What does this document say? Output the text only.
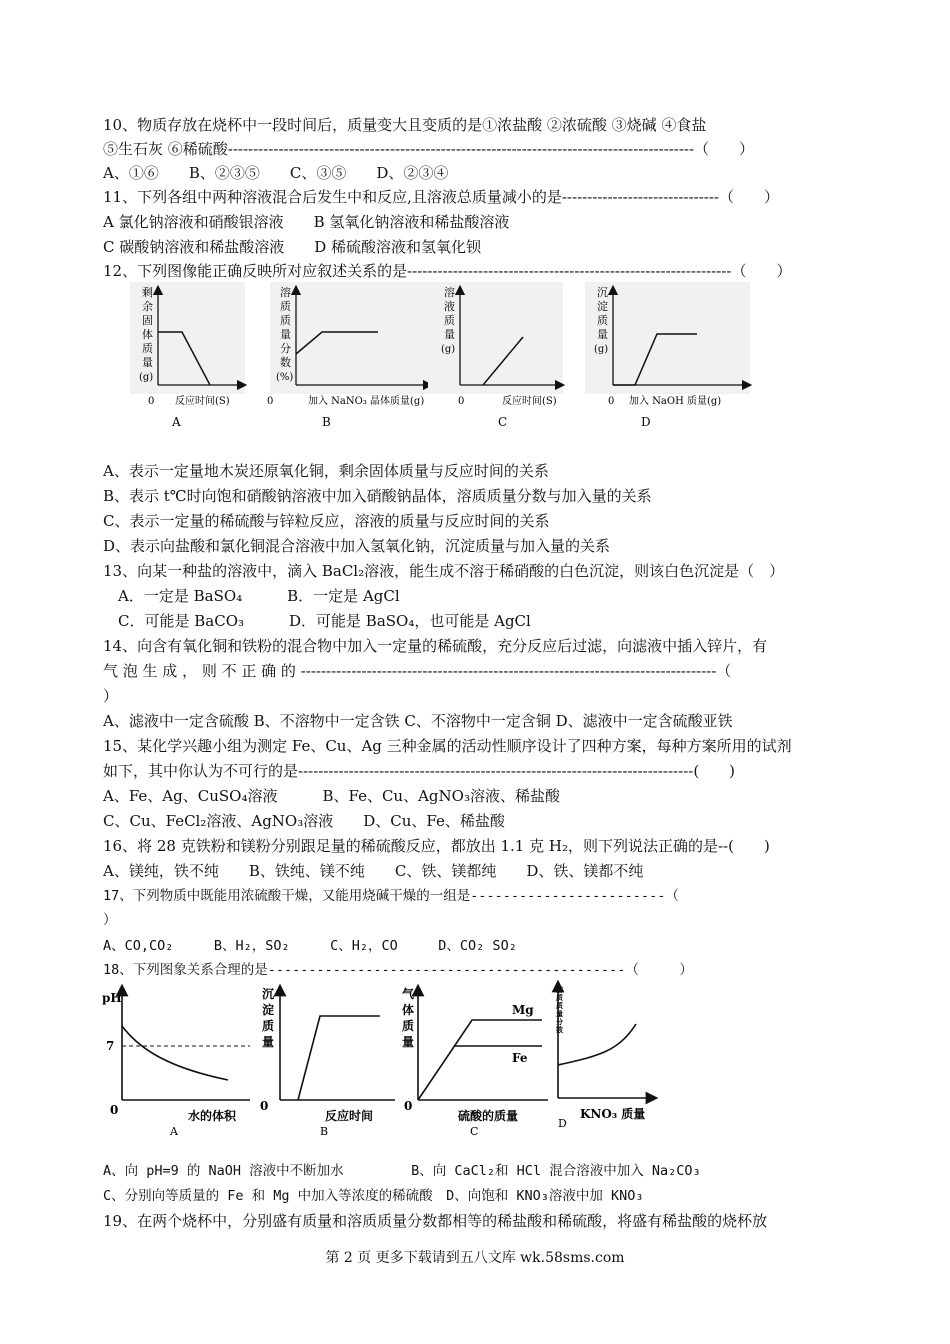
10、物质存放在烧杯中一段时间后，质量变大且变质的是①浓盐酸 ②浓硫酸 ③烧碱 ④食盐
⑤生石灰 ⑥稀硫酸--------------------------------------------------------------------------------------------（　　）
A、①⑥　　B、②③⑤　　C、③⑤　　D、②③④
11、下列各组中两种溶液混合后发生中和反应,且溶液总质量减小的是-------------------------------（　　）
A 氯化钠溶液和硝酸银溶液　　B 氢氧化钠溶液和稀盐酸溶液
C 碳酸钠溶液和稀盐酸溶液　　D 稀硫酸溶液和氢氧化钡
12、下列图像能正确反映所对应叙述关系的是----------------------------------------------------------------（　　）
剩
余
固
体
质
量
(g)
0 反应时间(S)
A
溶
质
质
量
分
数
(%)
0	加入 NaNO₃ 晶体质量(g)
B
溶
液
质
量
(g)
0	反应时间(S)
C
沉
淀
质
量
(g)
0 加入 NaOH 质量(g)
D
A、表示一定量地木炭还原氧化铜，剩余固体质量与反应时间的关系
B、表示 t℃时向饱和硝酸钠溶液中加入硝酸钠晶体，溶质质量分数与加入量的关系
C、表示一定量的稀硫酸与锌粒反应，溶液的质量与反应时间的关系
D、表示向盐酸和氯化铜混合溶液中加入氢氧化钠，沉淀质量与加入量的关系
13、向某一种盐的溶液中，滴入 BaCl₂溶液，能生成不溶于稀硝酸的白色沉淀，则该白色沉淀是（　）
　A．一定是 BaSO₄　　　B．一定是 AgCl
　C．可能是 BaCO₃　　　D．可能是 BaSO₄，也可能是 AgCl
14、向含有氧化铜和铁粉的混合物中加入一定量的稀硫酸，充分反应后过滤，向滤液中插入锌片，有
气 泡 生 成 ， 则 不 正 确 的 ----------------------------------------------------------------------------------（
）
A、滤液中一定含硫酸 B、不溶物中一定含铁 C、不溶物中一定含铜 D、滤液中一定含硫酸亚铁
15、某化学兴趣小组为测定 Fe、Cu、Ag 三种金属的活动性顺序设计了四种方案，每种方案所用的试剂
如下，其中你认为不可行的是------------------------------------------------------------------------------(　　)
A、Fe、Ag、CuSO₄溶液　　　B、Fe、Cu、AgNO₃溶液、稀盐酸
C、Cu、FeCl₂溶液、AgNO₃溶液　　D、Cu、Fe、稀盐酸
16、将 28 克铁粉和镁粉分别跟足量的稀硫酸反应，都放出 1.1 克 H₂，则下列说法正确的是--(　　)
A、镁纯，铁不纯　　B、铁纯、镁不纯　　C、铁、镁都纯　　D、铁、镁都不纯
17、下列物质中既能用浓硫酸干燥，又能用烧碱干燥的一组是------------------------（
）
A、CO,CO₂　　　B、H₂，SO₂　　　C、H₂，CO　　　D、CO₂ SO₂
18、下列图象关系合理的是--------------------------------------------（　　　）
pH
7
0	水的体积
A
沉
淀
质
量
0
反应时间
B
气
体
质
量
Mg
Fe
0
硫酸的质量
C
溶
质
质
量
分
数
KNO₃ 质量
D
A、向 pH=9 的 NaOH 溶液中不断加水　　　　　B、向 CaCl₂和 HCl 混合溶液中加入 Na₂CO₃
C、分别向等质量的 Fe 和 Mg 中加入等浓度的稀硫酸　D、向饱和 KNO₃溶液中加 KNO₃
19、在两个烧杯中，分别盛有质量和溶质质量分数都相等的稀盐酸和稀硫酸，将盛有稀盐酸的烧杯放
第 2 页 更多下载请到五八文库 wk.58sms.com
